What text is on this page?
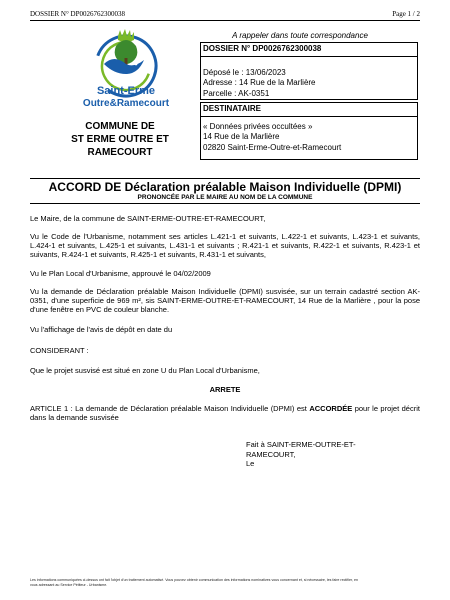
DOSSIER N° DP0026762300038	Page 1 / 2
Saint-Erme
Outre&Ramecourt
COMMUNE DE
ST ERME OUTRE ET
RAMECOURT
A rappeler dans toute correspondance
DOSSIER N° DP0026762300038
Déposé le : 13/06/2023
Adresse : 14 Rue de la Marlière
Parcelle : AK-0351
DESTINATAIRE
« Données privées occultées »
14 Rue de la Marlière
02820 Saint-Erme-Outre-et-Ramecourt
ACCORD DE Déclaration préalable Maison Individuelle (DPMI)
PRONONCÉE PAR LE MAIRE AU NOM DE LA COMMUNE
Le Maire, de la commune de SAINT-ERME-OUTRE-ET-RAMECOURT,
Vu le Code de l'Urbanisme, notamment ses articles L.421-1 et suivants, L.422-1 et suivants, L.423-1 et suivants, L.424-1 et suivants, L.425-1 et suivants, L.431-1 et suivants ; R.421-1 et suivants, R.422-1 et suivants, R.423-1 et suivants, R.424-1 et suivants, R.425-1 et suivants, R.431-1 et suivants,
Vu le Plan Local d'Urbanisme, approuvé le 04/02/2009
Vu la demande de Déclaration préalable Maison Individuelle (DPMI) susvisée, sur un terrain cadastré section AK-0351, d'une superficie de 969 m², sis SAINT-ERME-OUTRE-ET-RAMECOURT, 14 Rue de la Marlière , pour la pose d'une fenêtre en PVC de couleur blanche.
Vu l'affichage de l'avis de dépôt en date du
CONSIDERANT :
Que le projet susvisé est situé en zone U du Plan Local d'Urbanisme,
ARRETE
ARTICLE 1 : La demande de Déclaration préalable Maison Individuelle (DPMI) est ACCORDÉE pour le projet décrit dans la demande susvisée
Fait à SAINT-ERME-OUTRE-ET-
RAMECOURT,
Le
Les informations communiquées ci-dessus ont fait l'objet d'un traitement automatisé. Vous pouvez obtenir communication des informations nominatives vous concernant et, si nécessaire, les faire rectifier, en
vous adressant au Service Pétiteur - Urbanisme.
